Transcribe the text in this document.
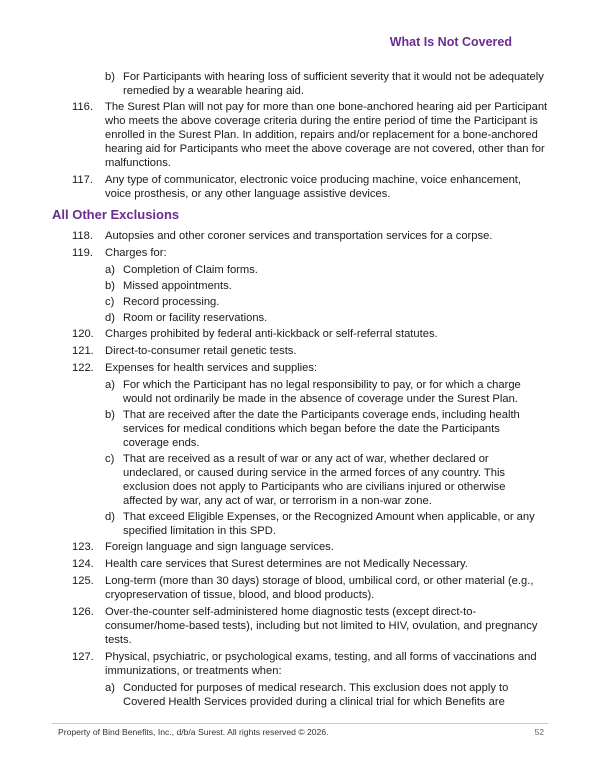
What Is Not Covered
b) For Participants with hearing loss of sufficient severity that it would not be adequately remedied by a wearable hearing aid.
116.	The Surest Plan will not pay for more than one bone-anchored hearing aid per Participant who meets the above coverage criteria during the entire period of time the Participant is enrolled in the Surest Plan. In addition, repairs and/or replacement for a bone-anchored hearing aid for Participants who meet the above coverage are not covered, other than for malfunctions.
117.	Any type of communicator, electronic voice producing machine, voice enhancement, voice prosthesis, or any other language assistive devices.
All Other Exclusions
118.	Autopsies and other coroner services and transportation services for a corpse.
119.	Charges for:
a) Completion of Claim forms.
b) Missed appointments.
c) Record processing.
d) Room or facility reservations.
120.	Charges prohibited by federal anti-kickback or self-referral statutes.
121.	Direct-to-consumer retail genetic tests.
122.	Expenses for health services and supplies:
a) For which the Participant has no legal responsibility to pay, or for which a charge would not ordinarily be made in the absence of coverage under the Surest Plan.
b) That are received after the date the Participants coverage ends, including health services for medical conditions which began before the date the Participants coverage ends.
c) That are received as a result of war or any act of war, whether declared or undeclared, or caused during service in the armed forces of any country. This exclusion does not apply to Participants who are civilians injured or otherwise affected by war, any act of war, or terrorism in a non-war zone.
d) That exceed Eligible Expenses, or the Recognized Amount when applicable, or any specified limitation in this SPD.
123.	Foreign language and sign language services.
124.	Health care services that Surest determines are not Medically Necessary.
125.	Long-term (more than 30 days) storage of blood, umbilical cord, or other material (e.g., cryopreservation of tissue, blood, and blood products).
126.	Over-the-counter self-administered home diagnostic tests (except direct-to-consumer/home-based tests), including but not limited to HIV, ovulation, and pregnancy tests.
127.	Physical, psychiatric, or psychological exams, testing, and all forms of vaccinations and immunizations, or treatments when:
a) Conducted for purposes of medical research. This exclusion does not apply to Covered Health Services provided during a clinical trial for which Benefits are
Property of Bind Benefits, Inc., d/b/a Surest. All rights reserved © 2026.	52
